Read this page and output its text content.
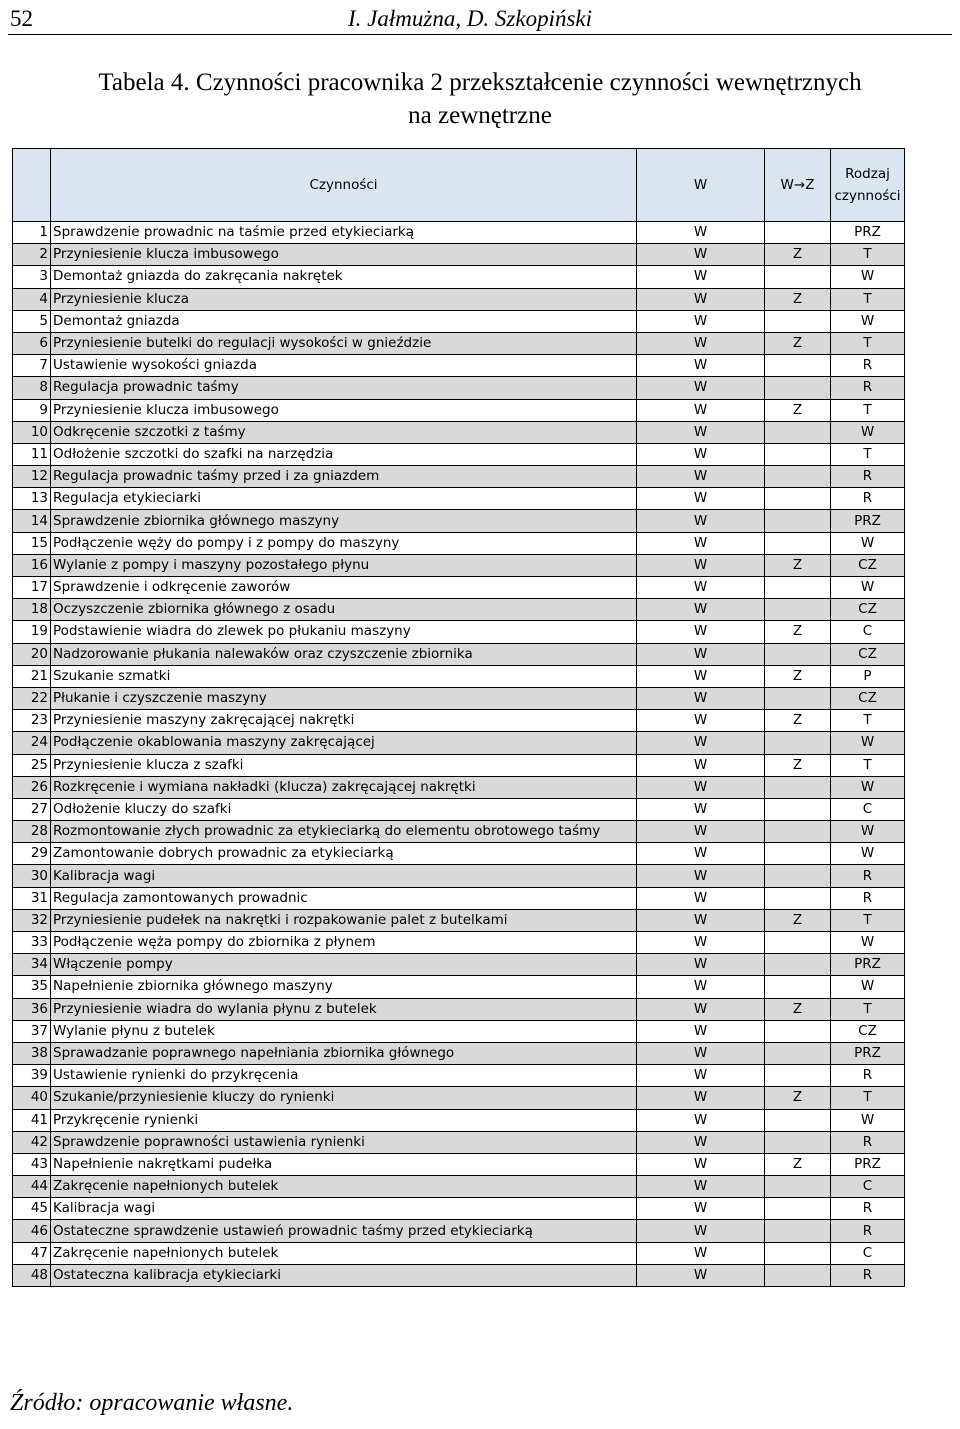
52	I. Jałmużna, D. Szkopiński
Tabela 4. Czynności pracownika 2 przekształcenie czynności wewnętrznych
na zewnętrzne
	Czynności	W	W→Z	Rodzaj
czynności
1	Sprawdzenie prowadnic na taśmie przed etykieciarką	W		PRZ
2	Przyniesienie klucza imbusowego	W	Z	T
3	Demontaż gniazda do zakręcania nakrętek	W		W
4	Przyniesienie klucza	W	Z	T
5	Demontaż gniazda	W		W
6	Przyniesienie butelki do regulacji wysokości w gnieździe	W	Z	T
7	Ustawienie wysokości gniazda	W		R
8	Regulacja prowadnic taśmy	W		R
9	Przyniesienie klucza imbusowego	W	Z	T
10	Odkręcenie szczotki z taśmy	W		W
11	Odłożenie szczotki do szafki na narzędzia	W		T
12	Regulacja prowadnic taśmy przed i za gniazdem	W		R
13	Regulacja etykieciarki	W		R
14	Sprawdzenie zbiornika głównego maszyny	W		PRZ
15	Podłączenie węży do pompy i z pompy do maszyny	W		W
16	Wylanie z pompy i maszyny pozostałego płynu	W	Z	CZ
17	Sprawdzenie i odkręcenie zaworów	W		W
18	Oczyszczenie zbiornika głównego z osadu	W		CZ
19	Podstawienie wiadra do zlewek po płukaniu maszyny	W	Z	C
20	Nadzorowanie płukania nalewaków oraz czyszczenie zbiornika	W		CZ
21	Szukanie szmatki	W	Z	P
22	Płukanie i czyszczenie maszyny	W		CZ
23	Przyniesienie maszyny zakręcającej nakrętki	W	Z	T
24	Podłączenie okablowania maszyny zakręcającej	W		W
25	Przyniesienie klucza z szafki	W	Z	T
26	Rozkręcenie i wymiana nakładki (klucza) zakręcającej nakrętki	W		W
27	Odłożenie kluczy do szafki	W		C
28	Rozmontowanie złych prowadnic za etykieciarką do elementu obrotowego taśmy	W		W
29	Zamontowanie dobrych prowadnic za etykieciarką	W		W
30	Kalibracja wagi	W		R
31	Regulacja zamontowanych prowadnic	W		R
32	Przyniesienie pudełek na nakrętki i rozpakowanie palet z butelkami	W	Z	T
33	Podłączenie węża pompy do zbiornika z płynem	W		W
34	Włączenie pompy	W		PRZ
35	Napełnienie zbiornika głównego maszyny	W		W
36	Przyniesienie wiadra do wylania płynu z butelek	W	Z	T
37	Wylanie płynu z butelek	W		CZ
38	Sprawadzanie poprawnego napełniania zbiornika głównego	W		PRZ
39	Ustawienie rynienki do przykręcenia	W		R
40	Szukanie/przyniesienie kluczy do rynienki	W	Z	T
41	Przykręcenie rynienki	W		W
42	Sprawdzenie poprawności ustawienia rynienki	W		R
43	Napełnienie nakrętkami pudełka	W	Z	PRZ
44	Zakręcenie napełnionych butelek	W		C
45	Kalibracja wagi	W		R
46	Ostateczne sprawdzenie ustawień prowadnic taśmy przed etykieciarką	W		R
47	Zakręcenie napełnionych butelek	W		C
48	Ostateczna kalibracja etykieciarki	W		R
Źródło: opracowanie własne.
